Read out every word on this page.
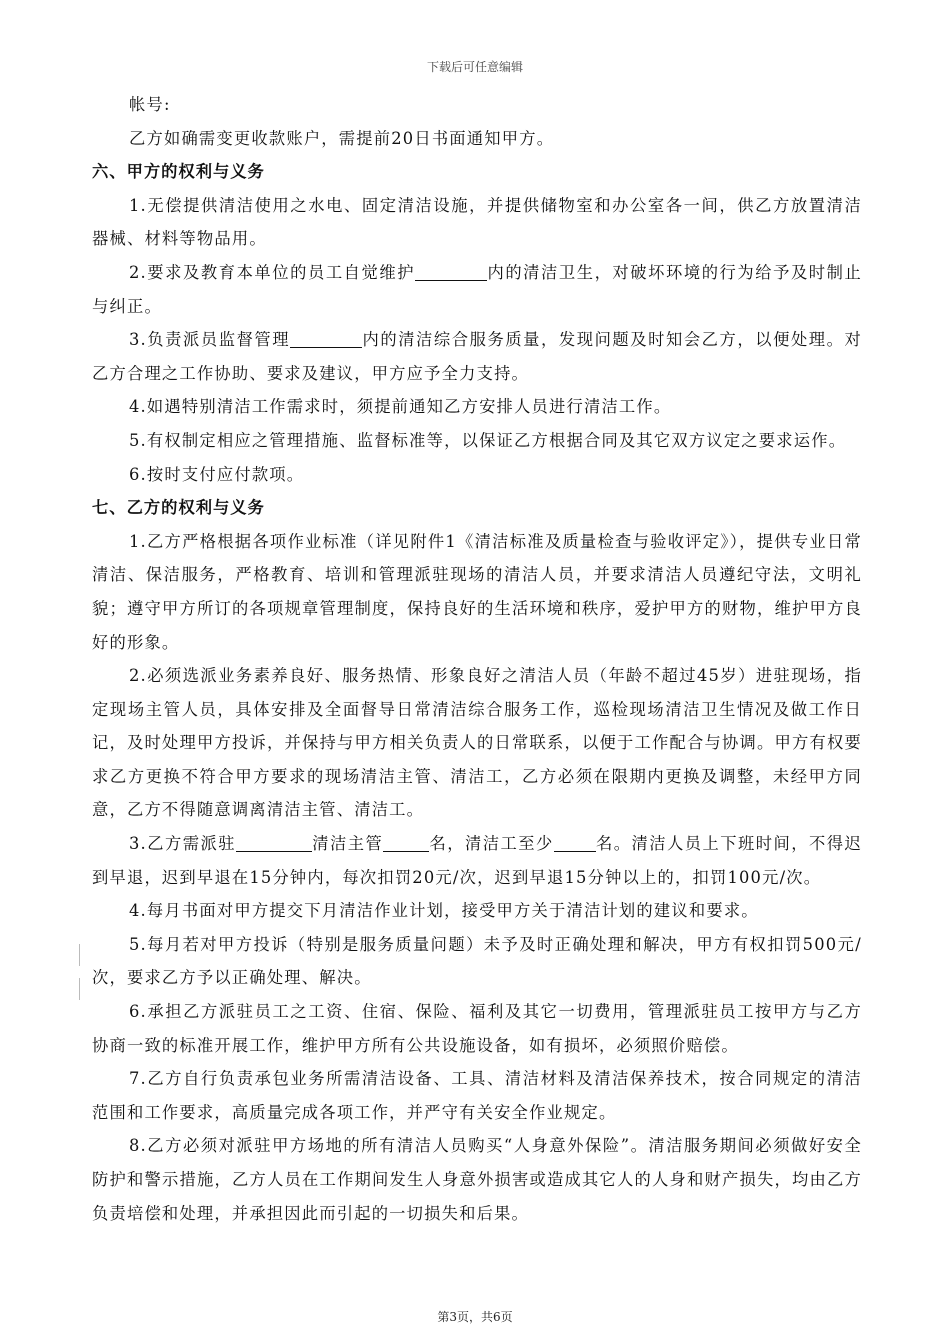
下载后可任意编辑

帐号:

乙方如确需变更收款账户，需提前20日书面通知甲方。

六、甲方的权利与义务

1.无偿提供清洁使用之水电、固定清洁设施，并提供储物室和办公室各一间，供乙方放置清洁器械、材料等物品用。

2.要求及教育本单位的员工自觉维护	内的清洁卫生，对破坏环境的行为给予及时制止与纠正。

3.负责派员监督管理	内的清洁综合服务质量，发现问题及时知会乙方，以便处理。对乙方合理之工作协助、要求及建议，甲方应予全力支持。

4.如遇特别清洁工作需求时，须提前通知乙方安排人员进行清洁工作。

5.有权制定相应之管理措施、监督标准等，以保证乙方根据合同及其它双方议定之要求运作。

6.按时支付应付款项。

七、乙方的权利与义务

1.乙方严格根据各项作业标准（详见附件1《清洁标准及质量检查与验收评定》），提供专业日常清洁、保洁服务，严格教育、培训和管理派驻现场的清洁人员，并要求清洁人员遵纪守法，文明礼貌；遵守甲方所订的各项规章管理制度，保持良好的生活环境和秩序，爱护甲方的财物，维护甲方良好的形象。

2.必须选派业务素养良好、服务热情、形象良好之清洁人员（年龄不超过45岁）进驻现场，指定现场主管人员，具体安排及全面督导日常清洁综合服务工作，巡检现场清洁卫生情况及做工作日记，及时处理甲方投诉，并保持与甲方相关负责人的日常联系，以便于工作配合与协调。甲方有权要求乙方更换不符合甲方要求的现场清洁主管、清洁工，乙方必须在限期内更换及调整，未经甲方同意，乙方不得随意调离清洁主管、清洁工。

3.乙方需派驻	清洁主管	名，清洁工至少	名。清洁人员上下班时间，不得迟到早退，迟到早退在15分钟内，每次扣罚20元/次，迟到早退15分钟以上的，扣罚100元/次。

4.每月书面对甲方提交下月清洁作业计划，接受甲方关于清洁计划的建议和要求。

5.每月若对甲方投诉（特别是服务质量问题）未予及时正确处理和解决，甲方有权扣罚500元/次，要求乙方予以正确处理、解决。

6.承担乙方派驻员工之工资、住宿、保险、福利及其它一切费用，管理派驻员工按甲方与乙方协商一致的标准开展工作，维护甲方所有公共设施设备，如有损坏，必须照价赔偿。

7.乙方自行负责承包业务所需清洁设备、工具、清洁材料及清洁保养技术，按合同规定的清洁范围和工作要求，高质量完成各项工作，并严守有关安全作业规定。

8.乙方必须对派驻甲方场地的所有清洁人员购买“人身意外保险”。清洁服务期间必须做好安全防护和警示措施，乙方人员在工作期间发生人身意外损害或造成其它人的人身和财产损失，均由乙方负责培偿和处理，并承担因此而引起的一切损失和后果。

第3页，共6页
